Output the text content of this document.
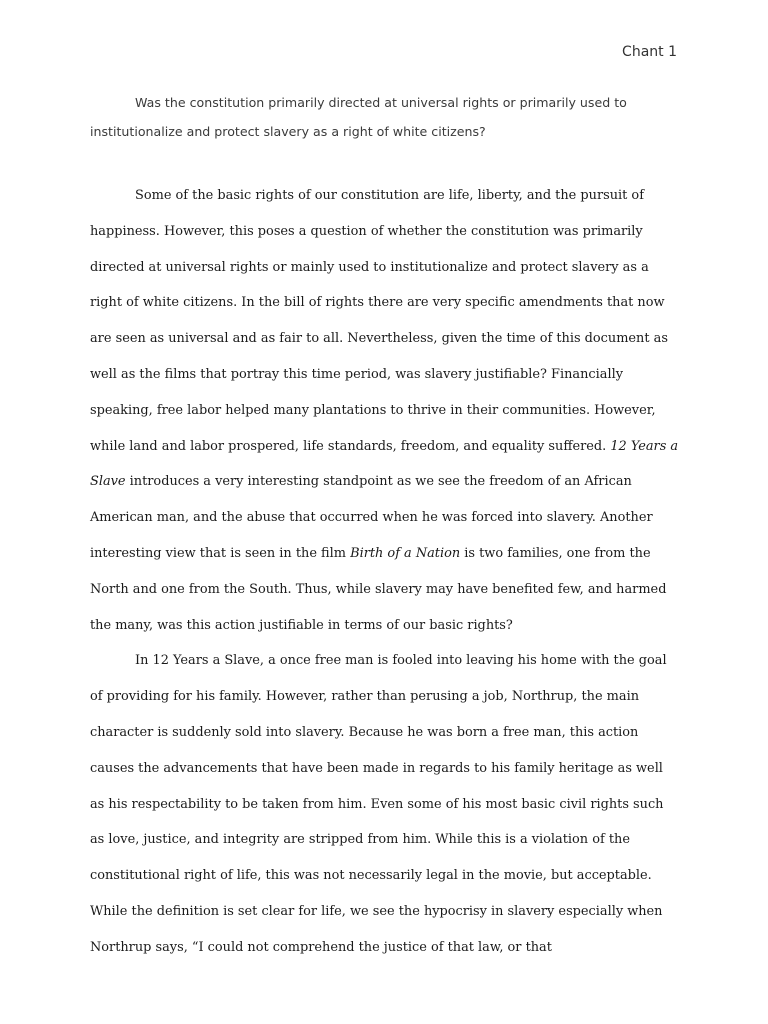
Chant 1

Was the constitution primarily directed at universal rights or primarily used to institutionalize and protect slavery as a right of white citizens?

Some of the basic rights of our constitution are life, liberty, and the pursuit of happiness. However, this poses a question of whether the constitution was primarily directed at universal rights or mainly used to institutionalize and protect slavery as a right of white citizens. In the bill of rights there are very specific amendments that now are seen as universal and as fair to all. Nevertheless, given the time of this document as well as the films that portray this time period, was slavery justifiable? Financially speaking, free labor helped many plantations to thrive in their communities. However, while land and labor prospered, life standards, freedom, and equality suffered. 12 Years a Slave introduces a very interesting standpoint as we see the freedom of an African American man, and the abuse that occurred when he was forced into slavery. Another interesting view that is seen in the film Birth of a Nation is two families, one from the North and one from the South. Thus, while slavery may have benefited few, and harmed the many, was this action justifiable in terms of our basic rights?

In 12 Years a Slave, a once free man is fooled into leaving his home with the goal of providing for his family. However, rather than perusing a job, Northrup, the main character is suddenly sold into slavery. Because he was born a free man, this action causes the advancements that have been made in regards to his family heritage as well as his respectability to be taken from him. Even some of his most basic civil rights such as love, justice, and integrity are stripped from him. While this is a violation of the constitutional right of life, this was not necessarily legal in the movie, but acceptable. While the definition is set clear for life, we see the hypocrisy in slavery especially when Northrup says, “I could not comprehend the justice of that law, or that
